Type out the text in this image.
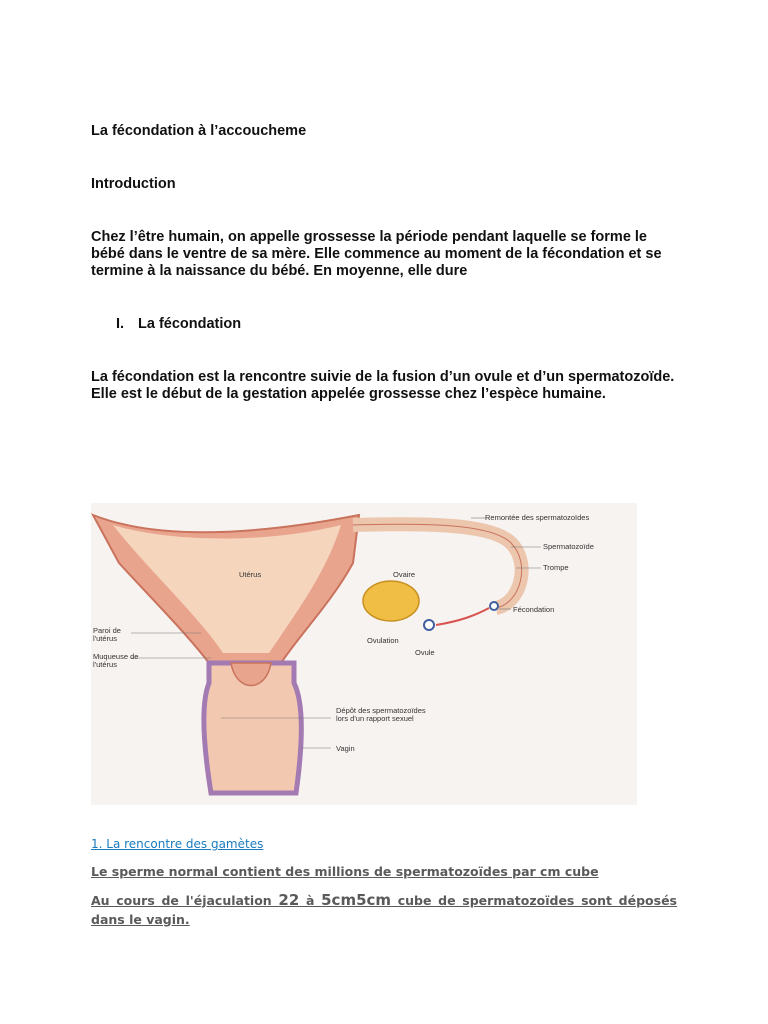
La fécondation à l’accoucheme

Introduction

Chez l’être humain, on appelle grossesse la période pendant laquelle se forme le bébé dans le ventre de sa mère. Elle commence au moment de la fécondation et se termine à la naissance du bébé. En moyenne, elle dure

I. La fécondation

La fécondation est la rencontre suivie de la fusion d’un ovule et d’un spermatozoïde. Elle est le début de la gestation appelée grossesse chez l’espèce humaine.

Remontée des spermatozoïdes
Spermatozoïde
Trompe
Fécondation
Ovaire
Ovulation
Ovule
Utérus
Paroi de
l'utérus
Muqueuse de
l'utérus
Dépôt des spermatozoïdes
lors d'un rapport sexuel
Vagin
1. La rencontre des gamètes

Le sperme normal contient des millions de spermatozoïdes par cm cube

Au cours de l'éjaculation 22 à 5cm5cm cube de spermatozoïdes sont déposés dans le vagin.
